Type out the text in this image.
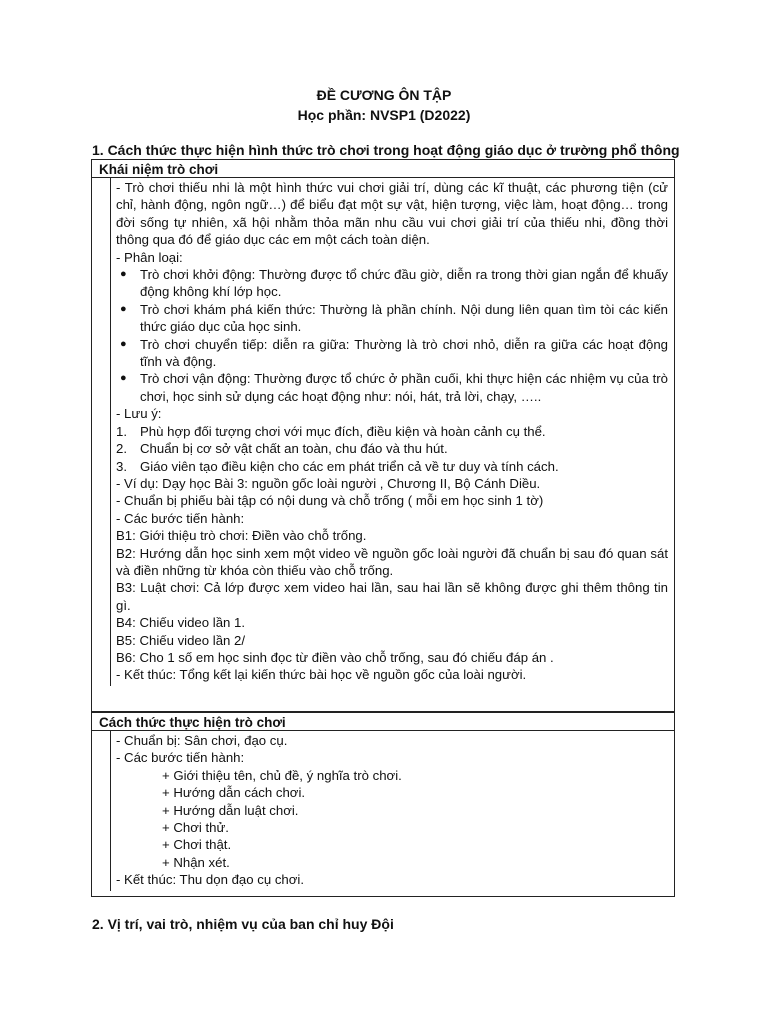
ĐỀ CƯƠNG ÔN TẬP
Học phần: NVSP1 (D2022)
1. Cách thức thực hiện hình thức trò chơi trong hoạt động giáo dục ở trường phổ thông
Khái niệm trò chơi

- Trò chơi thiếu nhi là một hình thức vui chơi giải trí, dùng các kĩ thuật, các phương tiện (cử chỉ, hành động, ngôn ngữ…) để biểu đạt một sự vật, hiện tượng, việc làm, hoạt động… trong đời sống tự nhiên, xã hội nhằm thỏa mãn nhu cầu vui chơi giải trí của thiếu nhi, đồng thời thông qua đó để giáo dục các em một cách toàn diện.

- Phân loại:

● Trò chơi khởi động: Thường được tổ chức đầu giờ, diễn ra trong thời gian ngắn để khuấy động không khí lớp học.
● Trò chơi khám phá kiến thức: Thường là phần chính. Nội dung liên quan tìm tòi các kiến thức giáo dục của học sinh.
● Trò chơi chuyển tiếp: diễn ra giữa: Thường là trò chơi nhỏ, diễn ra giữa các hoạt động tĩnh và động.
● Trò chơi vận động: Thường được tổ chức ở phần cuối, khi thực hiện các nhiệm vụ của trò chơi, học sinh sử dụng các hoạt động như: nói, hát, trả lời, chạy, …..

- Lưu ý:

1. Phù hợp đối tượng chơi với mục đích, điều kiện và hoàn cảnh cụ thể.
2. Chuẩn bị cơ sở vật chất an toàn, chu đáo và thu hút.
3. Giáo viên tạo điều kiện cho các em phát triển cả về tư duy và tính cách.

- Ví dụ: Dạy học Bài 3: nguồn gốc loài người , Chương II, Bộ Cánh Diều.

- Chuẩn bị phiếu bài tập có nội dung và chỗ trống ( mỗi em học sinh 1 tờ)

- Các bước tiến hành:

B1: Giới thiệu trò chơi: Điền vào chỗ trống.

B2: Hướng dẫn học sinh xem một video về nguồn gốc loài người đã chuẩn bị sau đó quan sát và điền những từ khóa còn thiếu vào chỗ trống.

B3: Luật chơi: Cả lớp được xem video hai lần, sau hai lần sẽ không được ghi thêm thông tin gì.

B4: Chiếu video lần 1.

B5: Chiếu video lần 2/

B6: Cho 1 số em học sinh đọc từ điền vào chỗ trống, sau đó chiếu đáp án .

- Kết thúc: Tổng kết lại kiến thức bài học về nguồn gốc của loài người.

Cách thức thực hiện trò chơi

- Chuẩn bị: Sân chơi, đạo cụ.

- Các bước tiến hành:

+ Giới thiệu tên, chủ đề, ý nghĩa trò chơi.

+ Hướng dẫn cách chơi.

+ Hướng dẫn luật chơi.

+ Chơi thử.

+ Chơi thật.

+ Nhận xét.

- Kết thúc: Thu dọn đạo cụ chơi.

2. Vị trí, vai trò, nhiệm vụ của ban chỉ huy Đội
